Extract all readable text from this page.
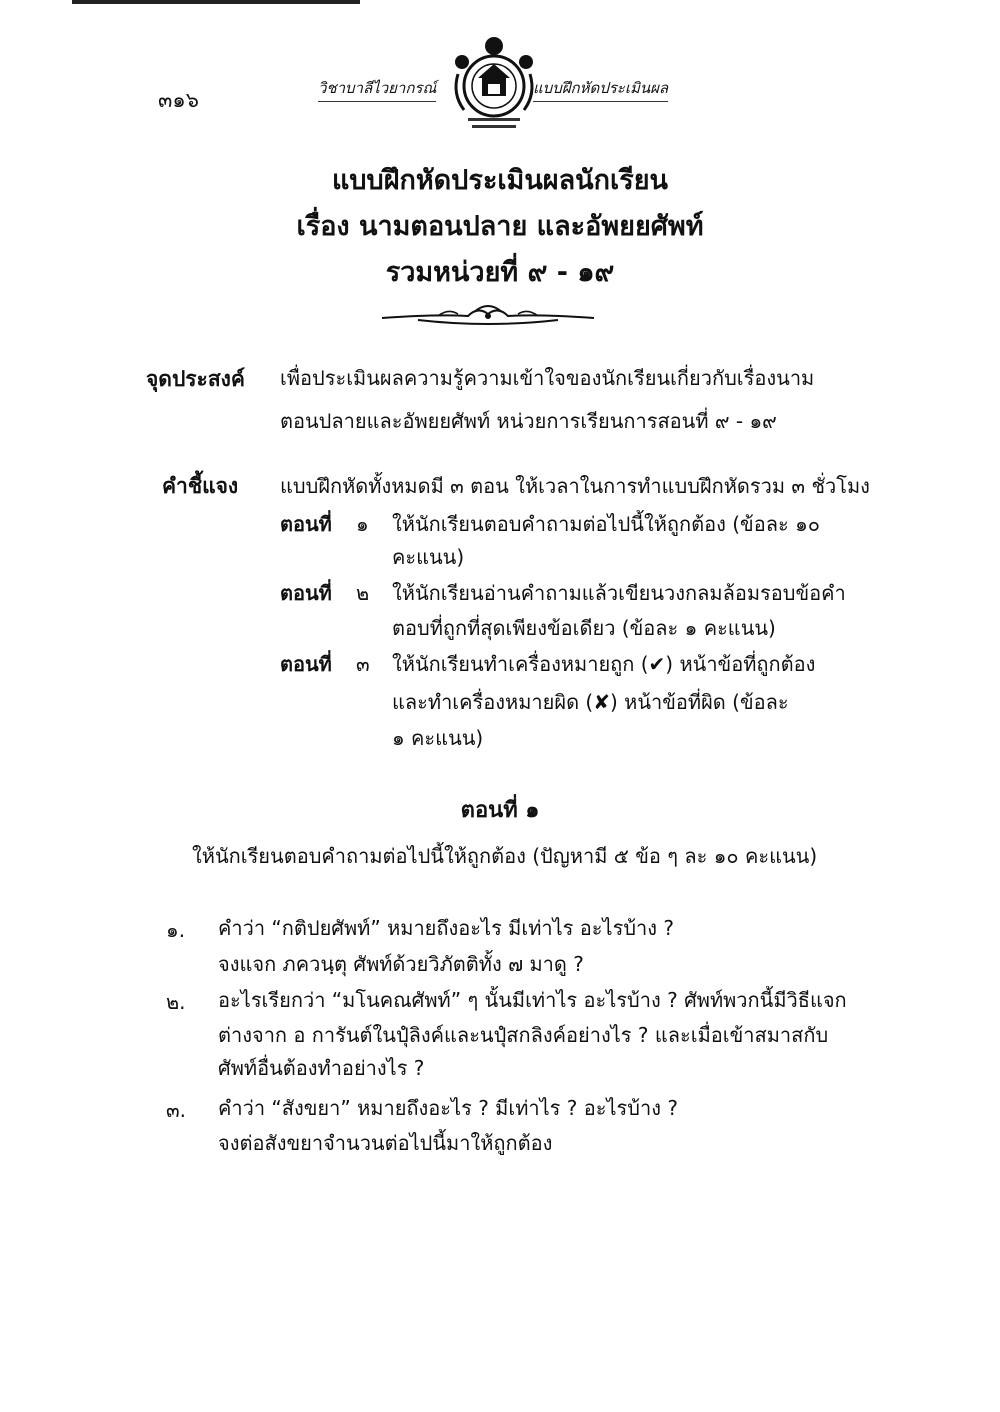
๓๑๖	วิชาบาลีไวยากรณ์	แบบฝึกหัดประเมินผล
แบบฝึกหัดประเมินผลนักเรียน
เรื่อง นามตอนปลาย และอัพยยศัพท์
รวมหน่วยที่ ๙ - ๑๙
จุดประสงค์ เพื่อประเมินผลความรู้ความเข้าใจของนักเรียนเกี่ยวกับเรื่องนาม
ตอนปลายและอัพยยศัพท์ หน่วยการเรียนการสอนที่ ๙ - ๑๙
คำชี้แจง แบบฝึกหัดทั้งหมดมี ๓ ตอน ให้เวลาในการทำแบบฝึกหัดรวม ๓ ชั่วโมง
ตอนที่ ๑ ให้นักเรียนตอบคำถามต่อไปนี้ให้ถูกต้อง (ข้อละ ๑๐
คะแนน)
ตอนที่ ๒ ให้นักเรียนอ่านคำถามแล้วเขียนวงกลมล้อมรอบข้อคำ
ตอบที่ถูกที่สุดเพียงข้อเดียว (ข้อละ ๑ คะแนน)
ตอนที่ ๓ ให้นักเรียนทำเครื่องหมายถูก (✔) หน้าข้อที่ถูกต้อง
และทำเครื่องหมายผิด (✘) หน้าข้อที่ผิด (ข้อละ
๑ คะแนน)
ตอนที่ ๑
ให้นักเรียนตอบคำถามต่อไปนี้ให้ถูกต้อง (ปัญหามี ๕ ข้อ ๆ ละ ๑๐ คะแนน)
๑. คำว่า “กติปยศัพท์” หมายถึงอะไร มีเท่าไร อะไรบ้าง ?
จงแจก ภควนฺตุ ศัพท์ด้วยวิภัตติทั้ง ๗ มาดู ?
๒. อะไรเรียกว่า “มโนคณศัพท์” ๆ นั้นมีเท่าไร อะไรบ้าง ? ศัพท์พวกนี้มีวิธีแจก
ต่างจาก อ การันต์ในปุํลิงค์และนปุํสกลิงค์อย่างไร ? และเมื่อเข้าสมาสกับ
ศัพท์อื่นต้องทำอย่างไร ?
๓. คำว่า “สังขยา” หมายถึงอะไร ? มีเท่าไร ? อะไรบ้าง ?
จงต่อสังขยาจำนวนต่อไปนี้มาให้ถูกต้อง
